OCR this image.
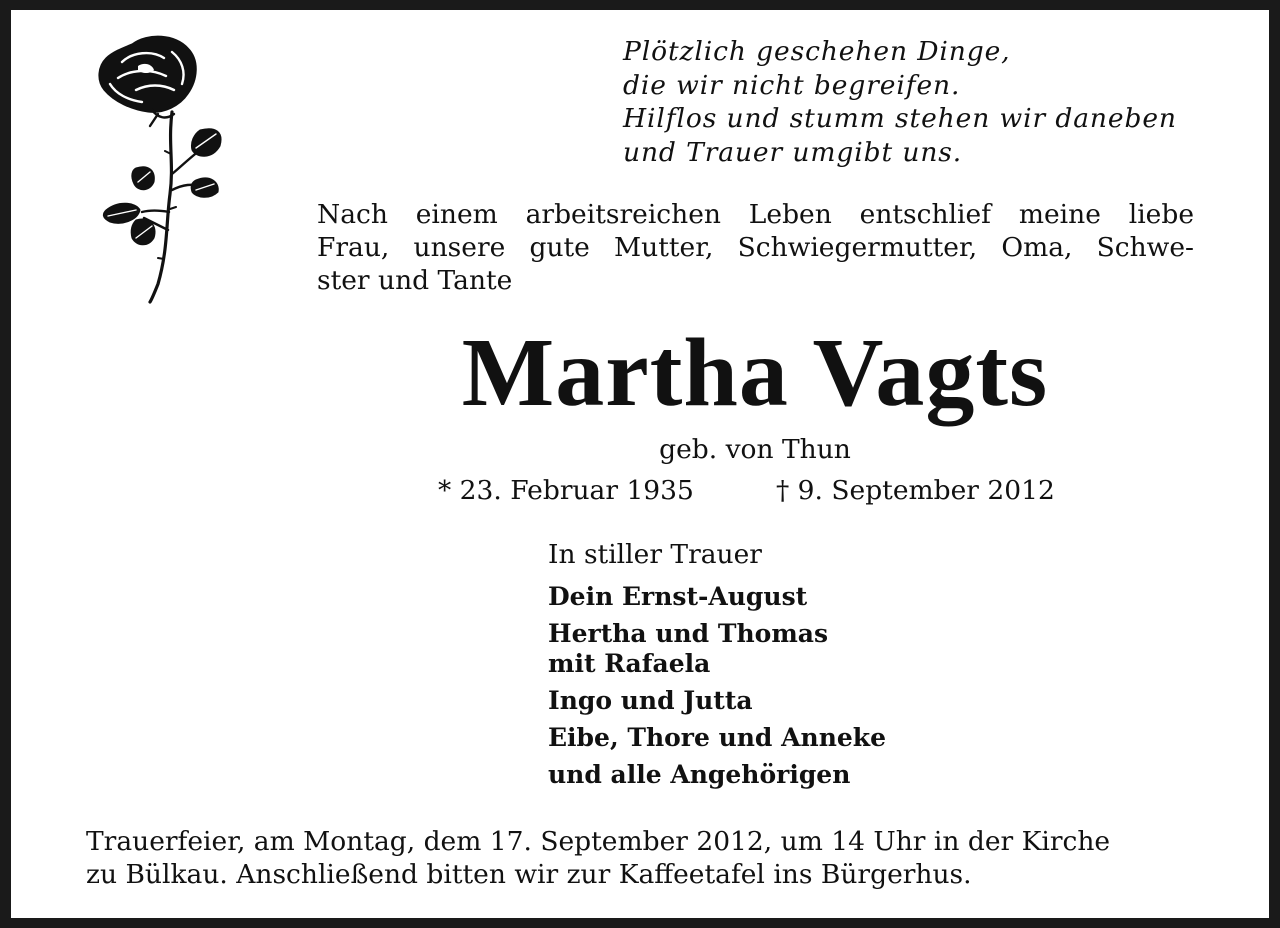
Plötzlich geschehen Dinge,
die wir nicht begreifen.
Hilflos und stumm stehen wir daneben
und Trauer umgibt uns.
Nach einem arbeitsreichen Leben entschlief meine liebe
Frau, unsere gute Mutter, Schwiegermutter, Oma, Schwe-
ster und Tante
Martha Vagts
geb. von Thun
* 23. Februar 1935	† 9. September 2012
In stiller Trauer
Dein Ernst-August
Hertha und Thomas
mit Rafaela
Ingo und Jutta
Eibe, Thore und Anneke
und alle Angehörigen
Trauerfeier, am Montag, dem 17. September 2012, um 14 Uhr in der Kirche
zu Bülkau. Anschließend bitten wir zur Kaffeetafel ins Bürgerhus.
